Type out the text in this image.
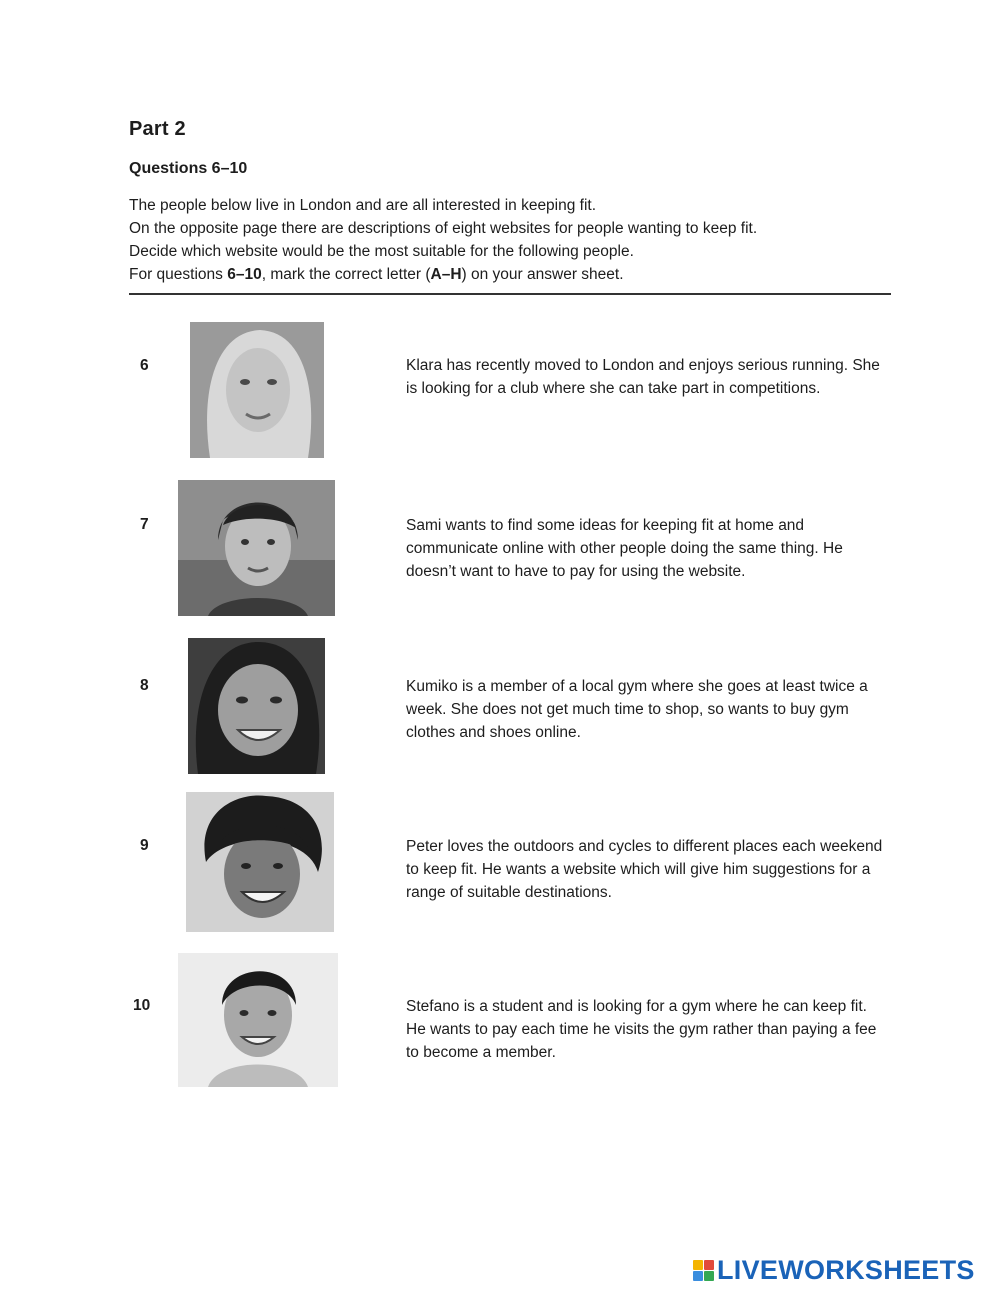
Part 2
Questions 6–10

The people below live in London and are all interested in keeping fit.

On the opposite page there are descriptions of eight websites for people wanting to keep fit.

Decide which website would be the most suitable for the following people.

For questions 6–10, mark the correct letter (A–H) on your answer sheet.

6	Klara has recently moved to London and enjoys serious running. She is looking for a club where she can take part in competitions.

7	Sami wants to find some ideas for keeping fit at home and communicate online with other people doing the same thing. He doesn’t want to have to pay for using the website.

8	Kumiko is a member of a local gym where she goes at least twice a week. She does not get much time to shop, so wants to buy gym clothes and shoes online.

9	Peter loves the outdoors and cycles to different places each weekend to keep fit. He wants a website which will give him suggestions for a range of suitable destinations.

10	Stefano is a student and is looking for a gym where he can keep fit. He wants to pay each time he visits the gym rather than paying a fee to become a member.

LIVEWORKSHEETS
